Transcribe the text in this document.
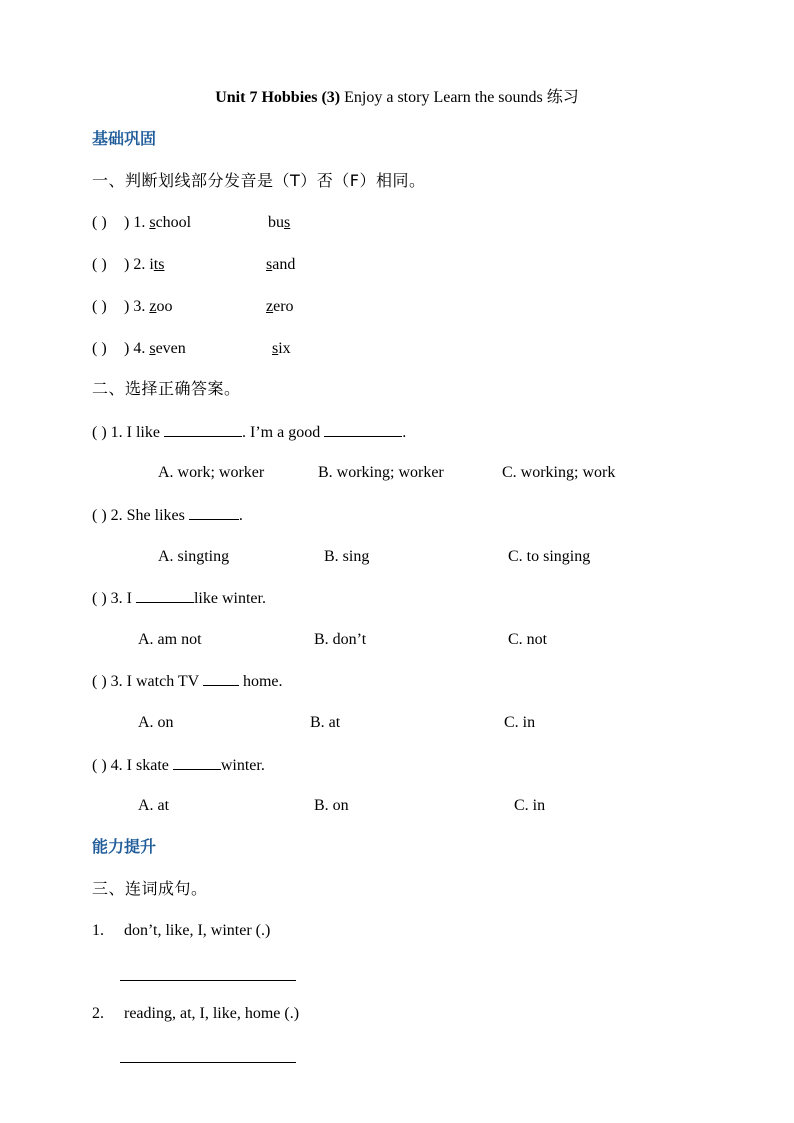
Unit 7 Hobbies (3) Enjoy a story Learn the sounds 练习
基础巩固
一、判断划线部分发音是（T）否（F）相同。
( ) ) 1. school	bus
( ) ) 2. its	sand
( ) ) 3. zoo	zero
( ) ) 4. seven	six
二、选择正确答案。
( ) 1. I like	. I’m a good	.
A. work; worker	B. working; worker	C. working; work
( ) 2. She likes	.
A. singting	B. sing	C. to singing
( ) 3. I	like winter.
A. am not	B. don’t	C. not
( ) 3. I watch TV	home.
A. on	B. at	C. in
( ) 4. I skate	winter.
A. at	B. on	C. in
能力提升
三、连词成句。
1. don’t, like, I, winter (.)
2. reading, at, I, like, home (.)
